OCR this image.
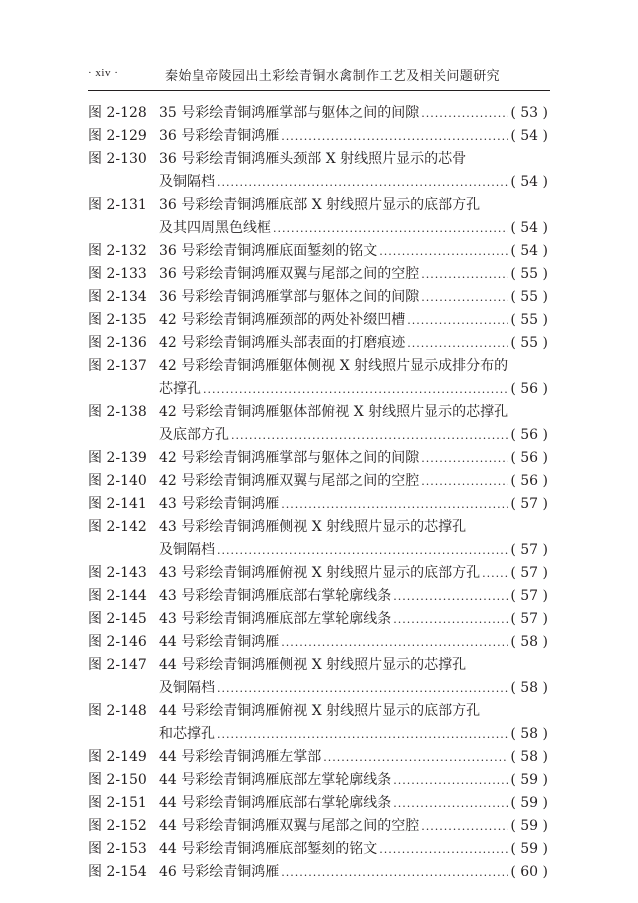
· xiv ·	秦始皇帝陵园出土彩绘青铜水禽制作工艺及相关问题研究
图 2-128 35 号彩绘青铜鸿雁掌部与躯体之间的间隙 .....	( 53 )
图 2-129 36 号彩绘青铜鸿雁 .....	( 54 )
图 2-130 36 号彩绘青铜鸿雁头颈部 X 射线照片显示的芯骨
及铜隔档 .....	( 54 )
图 2-131 36 号彩绘青铜鸿雁底部 X 射线照片显示的底部方孔
及其四周黑色线框 .....	( 54 )
图 2-132 36 号彩绘青铜鸿雁底面錾刻的铭文 .....	( 54 )
图 2-133 36 号彩绘青铜鸿雁双翼与尾部之间的空腔 .....	( 55 )
图 2-134 36 号彩绘青铜鸿雁掌部与躯体之间的间隙 .....	( 55 )
图 2-135 42 号彩绘青铜鸿雁颈部的两处补缀凹槽 .....	( 55 )
图 2-136 42 号彩绘青铜鸿雁头部表面的打磨痕迹 .....	( 55 )
图 2-137 42 号彩绘青铜鸿雁躯体侧视 X 射线照片显示成排分布的
芯撑孔 .....	( 56 )
图 2-138 42 号彩绘青铜鸿雁躯体部俯视 X 射线照片显示的芯撑孔
及底部方孔 .....	( 56 )
图 2-139 42 号彩绘青铜鸿雁掌部与躯体之间的间隙 .....	( 56 )
图 2-140 42 号彩绘青铜鸿雁双翼与尾部之间的空腔 .....	( 56 )
图 2-141 43 号彩绘青铜鸿雁 .....	( 57 )
图 2-142 43 号彩绘青铜鸿雁侧视 X 射线照片显示的芯撑孔
及铜隔档 .....	( 57 )
图 2-143 43 号彩绘青铜鸿雁俯视 X 射线照片显示的底部方孔 ..... ( 57 )
图 2-144 43 号彩绘青铜鸿雁底部右掌轮廓线条 .....	( 57 )
图 2-145 43 号彩绘青铜鸿雁底部左掌轮廓线条 .....	( 57 )
图 2-146 44 号彩绘青铜鸿雁 .....	( 58 )
图 2-147 44 号彩绘青铜鸿雁侧视 X 射线照片显示的芯撑孔
及铜隔档 .....	( 58 )
图 2-148 44 号彩绘青铜鸿雁俯视 X 射线照片显示的底部方孔
和芯撑孔 .....	( 58 )
图 2-149 44 号彩绘青铜鸿雁左掌部 .....	( 58 )
图 2-150 44 号彩绘青铜鸿雁底部左掌轮廓线条 .....	( 59 )
图 2-151 44 号彩绘青铜鸿雁底部右掌轮廓线条 .....	( 59 )
图 2-152 44 号彩绘青铜鸿雁双翼与尾部之间的空腔 .....	( 59 )
图 2-153 44 号彩绘青铜鸿雁底部錾刻的铭文 .....	( 59 )
图 2-154 46 号彩绘青铜鸿雁 .....	( 60 )
